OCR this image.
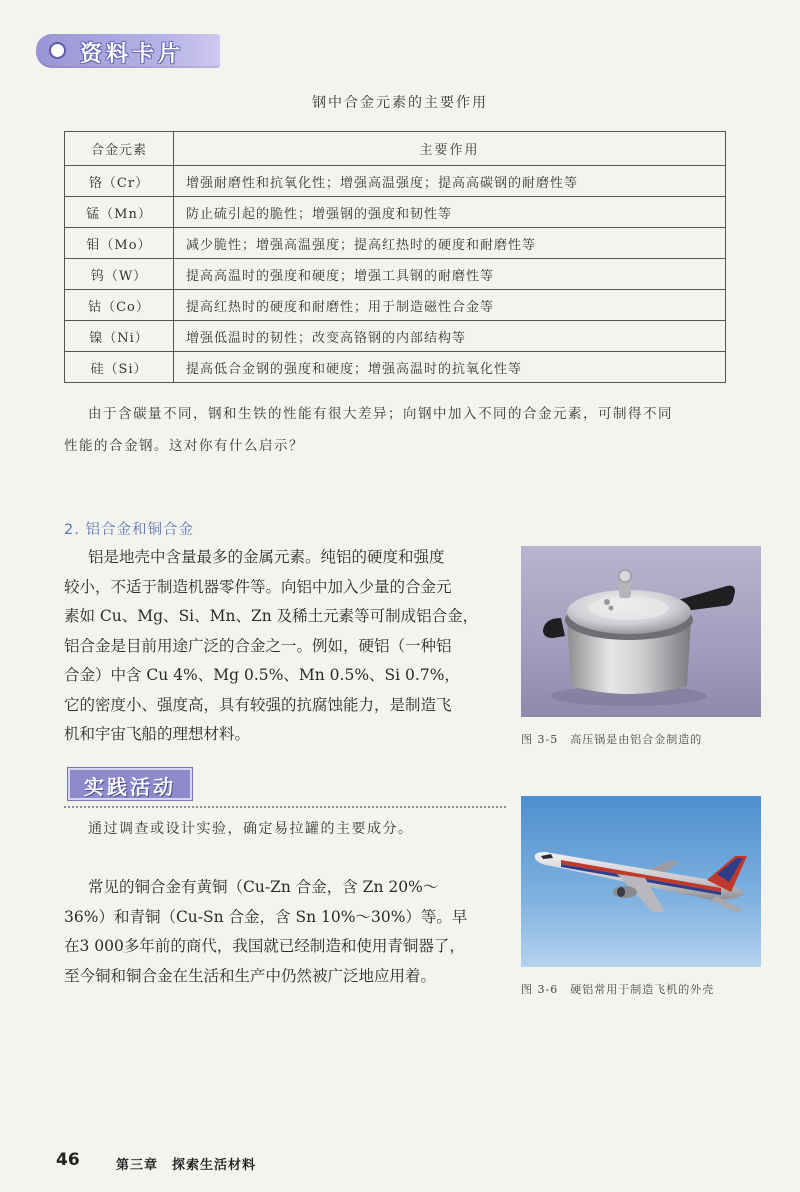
资料卡片
钢中合金元素的主要作用
合金元素	主要作用
铬（Cr）	增强耐磨性和抗氧化性；增强高温强度；提高高碳钢的耐磨性等
锰（Mn）	防止硫引起的脆性；增强钢的强度和韧性等
钼（Mo）	减少脆性；增强高温强度；提高红热时的硬度和耐磨性等
钨（W）	提高高温时的强度和硬度；增强工具钢的耐磨性等
钴（Co）	提高红热时的硬度和耐磨性；用于制造磁性合金等
镍（Ni）	增强低温时的韧性；改变高铬钢的内部结构等
硅（Si）	提高低合金钢的强度和硬度；增强高温时的抗氧化性等
由于含碳量不同，钢和生铁的性能有很大差异；向钢中加入不同的合金元素，可制得不同
性能的合金钢。这对你有什么启示？
2. 铝合金和铜合金
铝是地壳中含量最多的金属元素。纯铝的硬度和强度
较小，不适于制造机器零件等。向铝中加入少量的合金元
素如 Cu、Mg、Si、Mn、Zn 及稀土元素等可制成铝合金，
铝合金是目前用途广泛的合金之一。例如，硬铝（一种铝
合金）中含 Cu 4%、Mg 0.5%、Mn 0.5%、Si 0.7%，
它的密度小、强度高，具有较强的抗腐蚀能力，是制造飞
机和宇宙飞船的理想材料。
实践活动
通过调查或设计实验，确定易拉罐的主要成分。
常见的铜合金有黄铜（Cu-Zn 合金，含 Zn 20%～
36%）和青铜（Cu-Sn 合金，含 Sn 10%～30%）等。早
在3 000多年前的商代，我国就已经制造和使用青铜器了，
至今铜和铜合金在生活和生产中仍然被广泛地应用着。
图 3-5　高压锅是由铝合金制造的
图 3-6　硬铝常用于制造飞机的外壳
46	第三章　探索生活材料
